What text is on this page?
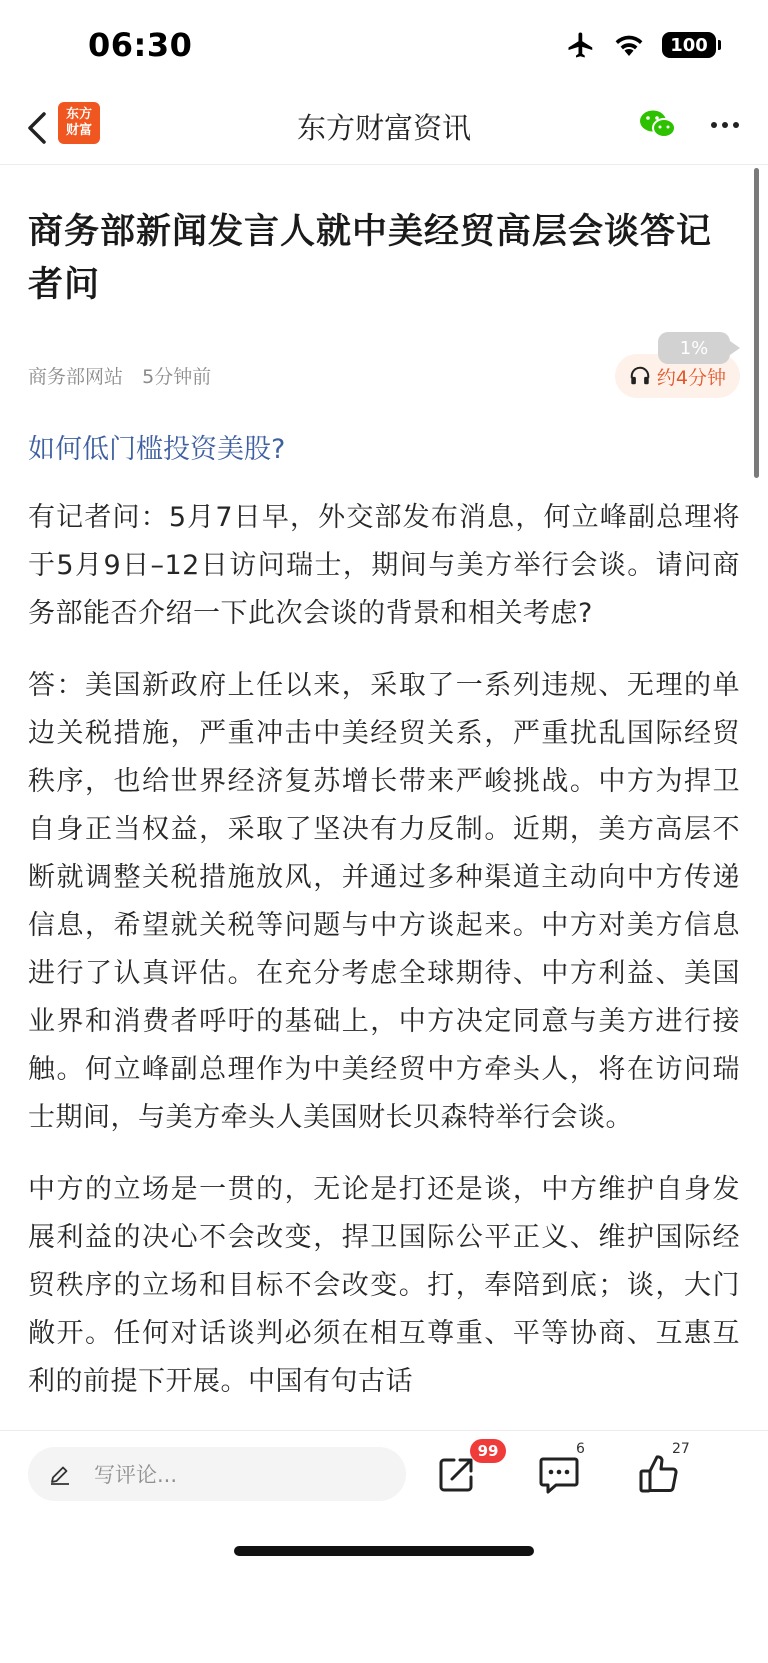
06:30	100
东方
财富	东方财富资讯
商务部新闻发言人就中美经贸高层会谈答记者问
商务部网站 5分钟前	约4分钟
1%
如何低门槛投资美股?

有记者问：5月7日早，外交部发布消息，何立峰副总理将于5月9日–12日访问瑞士，期间与美方举行会谈。请问商务部能否介绍一下此次会谈的背景和相关考虑?

答：美国新政府上任以来，采取了一系列违规、无理的单边关税措施，严重冲击中美经贸关系，严重扰乱国际经贸秩序，也给世界经济复苏增长带来严峻挑战。中方为捍卫自身正当权益，采取了坚决有力反制。近期，美方高层不断就调整关税措施放风，并通过多种渠道主动向中方传递信息，希望就关税等问题与中方谈起来。中方对美方信息进行了认真评估。在充分考虑全球期待、中方利益、美国业界和消费者呼吁的基础上，中方决定同意与美方进行接触。何立峰副总理作为中美经贸中方牵头人，将在访问瑞士期间，与美方牵头人美国财长贝森特举行会谈。

中方的立场是一贯的，无论是打还是谈，中方维护自身发展利益的决心不会改变，捍卫国际公平正义、维护国际经贸秩序的立场和目标不会改变。打，奉陪到底；谈，大门敞开。任何对话谈判必须在相互尊重、平等协商、互惠互利的前提下开展。中国有句古话

写评论...
99	6	27
